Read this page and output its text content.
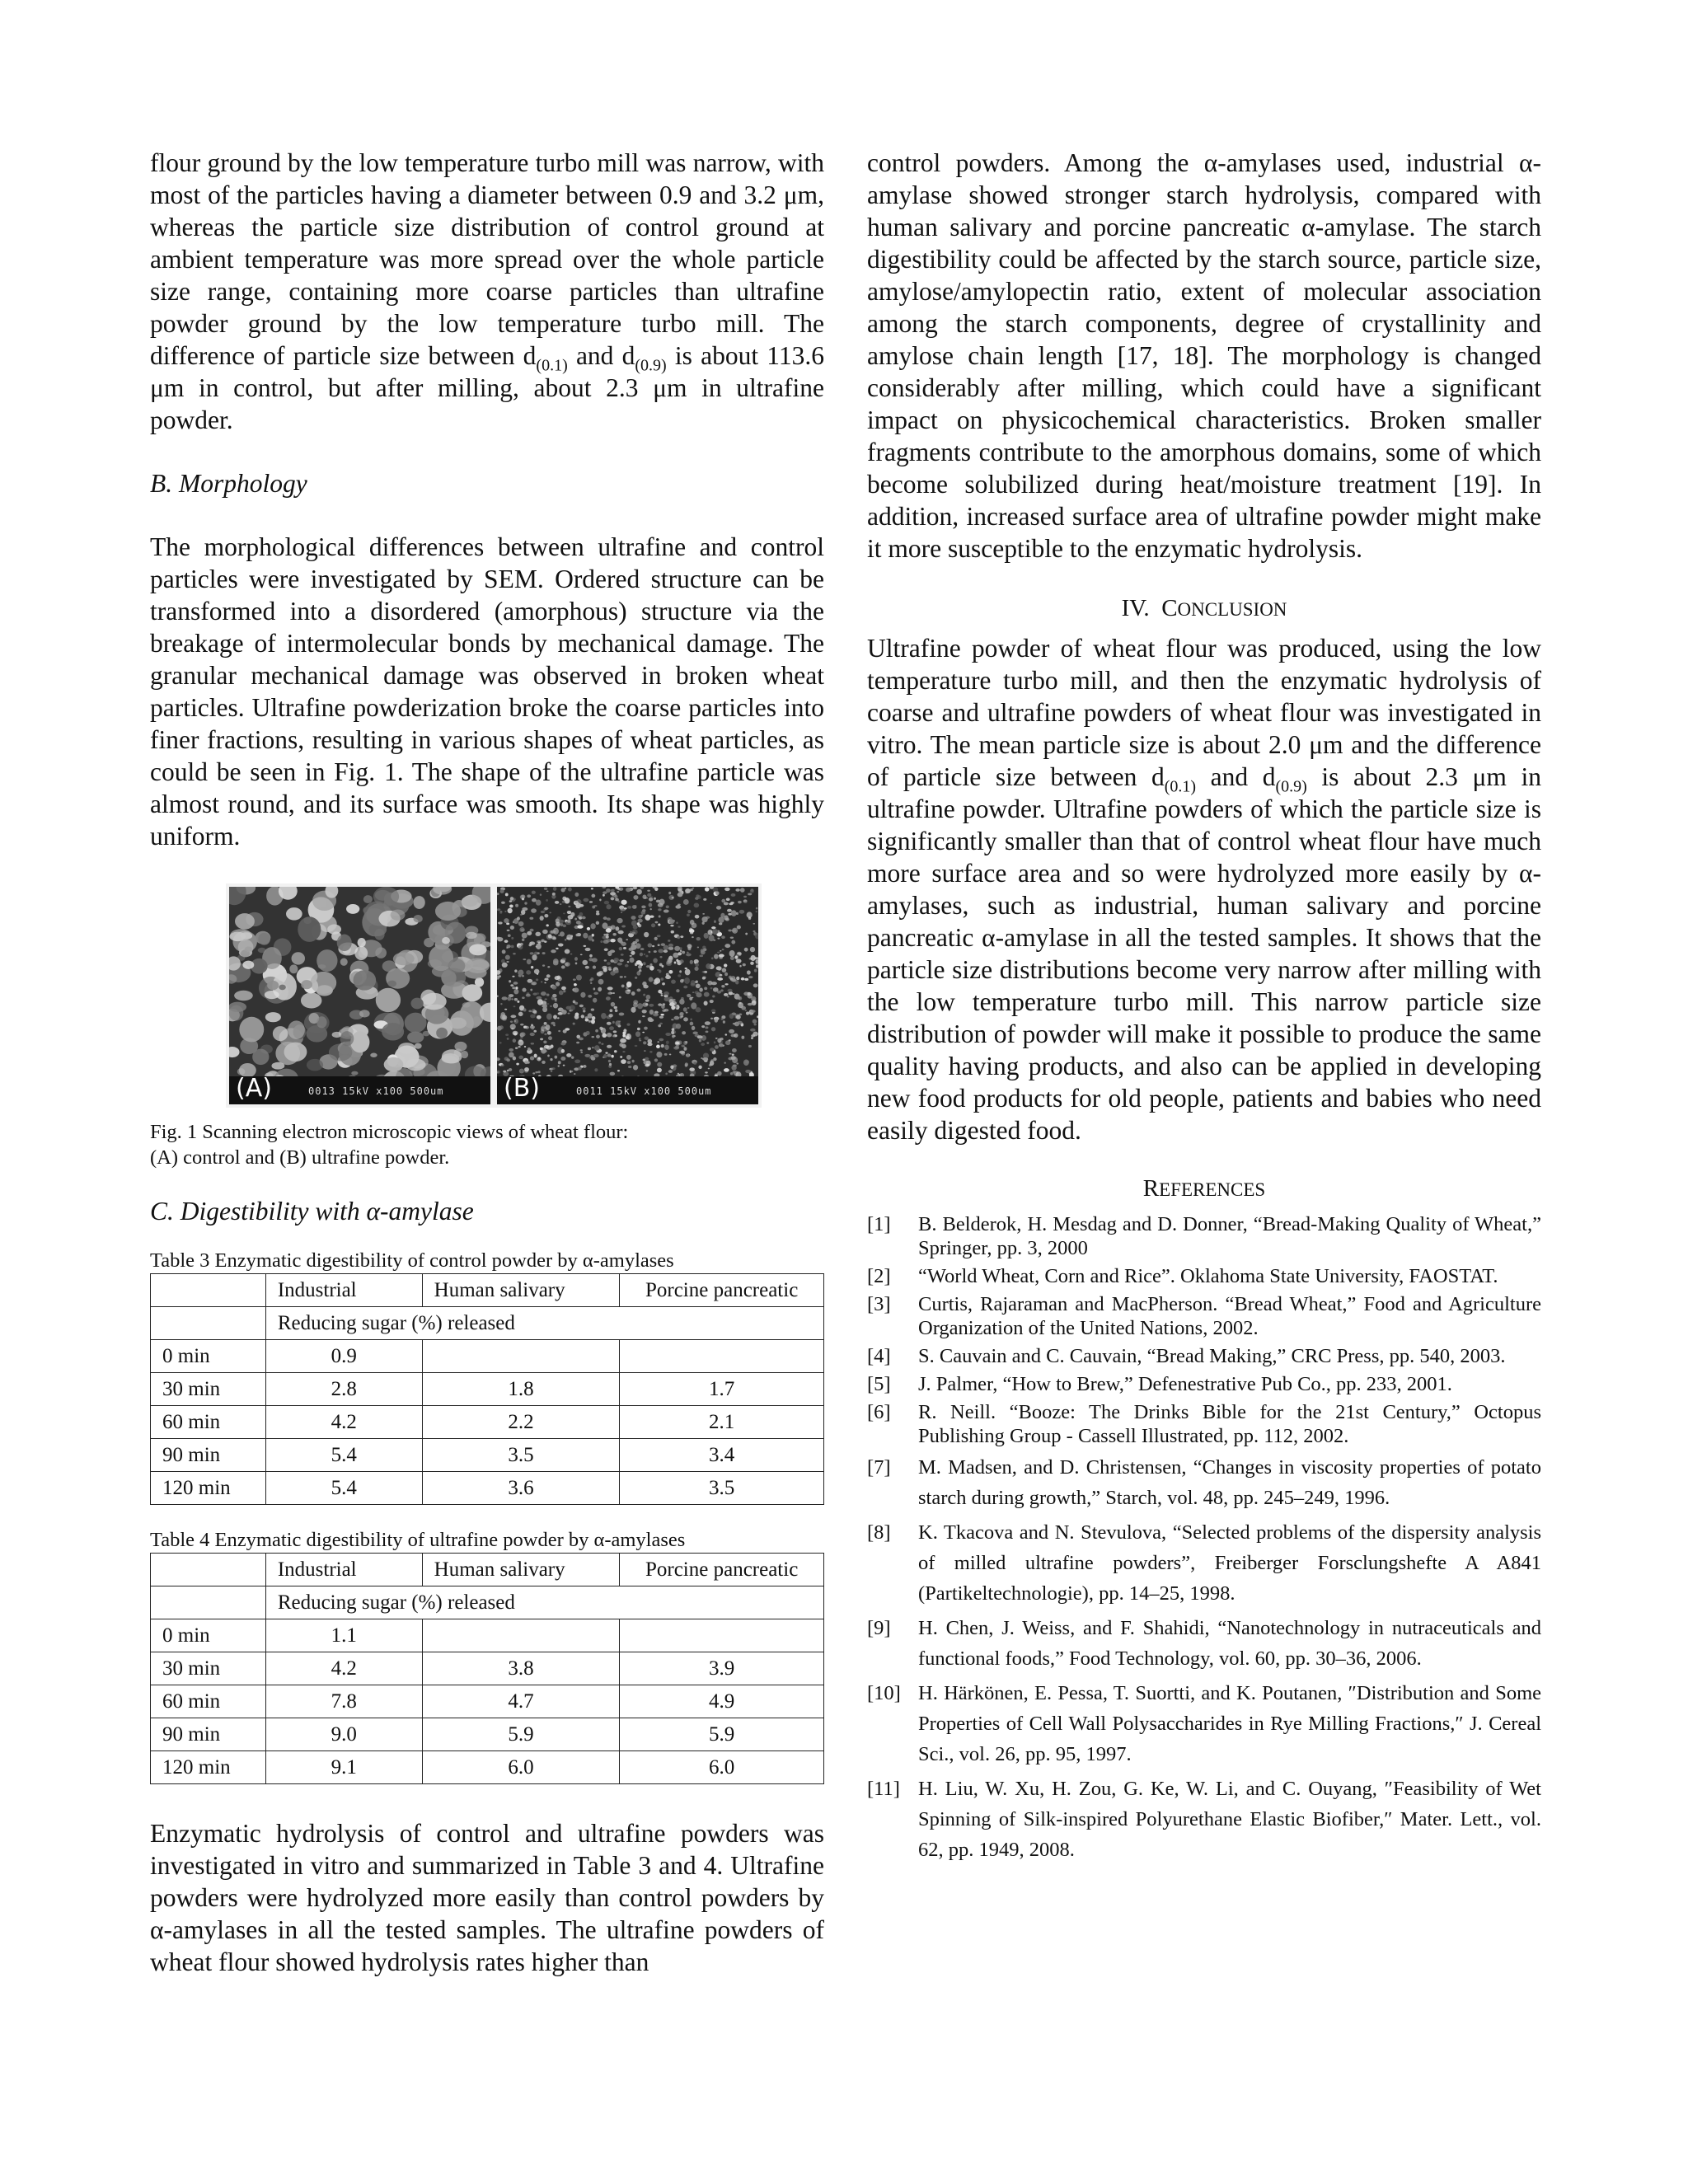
flour ground by the low temperature turbo mill was narrow, with most of the particles having a diameter between 0.9 and 3.2 μm, whereas the particle size distribution of control ground at ambient temperature was more spread over the whole particle size range, containing more coarse particles than ultrafine powder ground by the low temperature turbo mill. The difference of particle size between $d_{(0.1)}$ and $d_{(0.9)}$ is about 113.6 μm in control, but after milling, about 2.3 μm in ultrafine powder.

B. Morphology

The morphological differences between ultrafine and control particles were investigated by SEM. Ordered structure can be transformed into a disordered (amorphous) structure via the breakage of intermolecular bonds by mechanical damage. The granular mechanical damage was observed in broken wheat particles. Ultrafine powderization broke the coarse particles into finer fractions, resulting in various shapes of wheat particles, as could be seen in Fig. 1. The shape of the ultrafine particle was almost round, and its surface was smooth. Its shape was highly uniform.

(A)	0013 15kV x100 500um (B)	0011 15kV x100 500um

Fig. 1 Scanning electron microscopic views of wheat flour:

(A) control and (B) ultrafine powder.

C. Digestibility with α-amylase

Table 3 Enzymatic digestibility of control powder by α-amylases

	Industrial	Human salivary	Porcine pancreatic
	Reducing sugar (%) released		
0 min	0.9		
30 min	2.8	1.8	1.7
60 min	4.2	2.2	2.1
90 min	5.4	3.5	3.4
120 min	5.4	3.6	3.5

Table 4 Enzymatic digestibility of ultrafine powder by α-amylases

	Industrial	Human salivary	Porcine pancreatic
	Reducing sugar (%) released		
0 min	1.1		
30 min	4.2	3.8	3.9
60 min	7.8	4.7	4.9
90 min	9.0	5.9	5.9
120 min	9.1	6.0	6.0

Enzymatic hydrolysis of control and ultrafine powders was investigated in vitro and summarized in Table 3 and 4. Ultrafine powders were hydrolyzed more easily than control powders by α-amylases in all the tested samples. The ultrafine powders of wheat flour showed hydrolysis rates higher than

control powders. Among the α-amylases used, industrial α-amylase showed stronger starch hydrolysis, compared with human salivary and porcine pancreatic α-amylase. The starch digestibility could be affected by the starch source, particle size, amylose/amylopectin ratio, extent of molecular association among the starch components, degree of crystallinity and amylose chain length [17, 18]. The morphology is changed considerably after milling, which could have a significant impact on physicochemical characteristics. Broken smaller fragments contribute to the amorphous domains, some of which become solubilized during heat/moisture treatment [19]. In addition, increased surface area of ultrafine powder might make it more susceptible to the enzymatic hydrolysis.

IV. CONCLUSION

Ultrafine powder of wheat flour was produced, using the low temperature turbo mill, and then the enzymatic hydrolysis of coarse and ultrafine powders of wheat flour was investigated in vitro. The mean particle size is about 2.0 μm and the difference of particle size between $d_{(0.1)}$ and $d_{(0.9)}$ is about 2.3 μm in ultrafine powder. Ultrafine powders of which the particle size is significantly smaller than that of control wheat flour have much more surface area and so were hydrolyzed more easily by α-amylases, such as industrial, human salivary and porcine pancreatic α-amylase in all the tested samples. It shows that the particle size distributions become very narrow after milling with the low temperature turbo mill. This narrow particle size distribution of powder will make it possible to produce the same quality having products, and also can be applied in developing new food products for old people, patients and babies who need easily digested food.

REFERENCES

[1]	B. Belderok, H. Mesdag and D. Donner, “Bread-Making Quality of Wheat,” Springer, pp. 3, 2000
[2]	“World Wheat, Corn and Rice”. Oklahoma State University, FAOSTAT.
[3]	Curtis, Rajaraman and MacPherson. “Bread Wheat,” Food and Agriculture Organization of the United Nations, 2002.
[4]	S. Cauvain and C. Cauvain, “Bread Making,” CRC Press, pp. 540, 2003.
[5]	J. Palmer, “How to Brew,” Defenestrative Pub Co., pp. 233, 2001.
[6]	R. Neill. “Booze: The Drinks Bible for the 21st Century,” Octopus Publishing Group - Cassell Illustrated, pp. 112, 2002.
[7]	M. Madsen, and D. Christensen, “Changes in viscosity properties of potato starch during growth,” Starch, vol. 48, pp. 245–249, 1996.
[8]	K. Tkacova and N. Stevulova, “Selected problems of the dispersity analysis of milled ultrafine powders”, Freiberger Forsclungshefte A A841 (Partikeltechnologie), pp. 14–25, 1998.
[9]	H. Chen, J. Weiss, and F. Shahidi, “Nanotechnology in nutraceuticals and functional foods,” Food Technology, vol. 60, pp. 30–36, 2006.
[10] H. Härkönen, E. Pessa, T. Suortti, and K. Poutanen, ″Distribution and Some Properties of Cell Wall Polysaccharides in Rye Milling Fractions,″ J. Cereal Sci., vol. 26, pp. 95, 1997.
[11] H. Liu, W. Xu, H. Zou, G. Ke, W. Li, and C. Ouyang, ″Feasibility of Wet Spinning of Silk-inspired Polyurethane Elastic Biofiber,″ Mater. Lett., vol. 62, pp. 1949, 2008.
